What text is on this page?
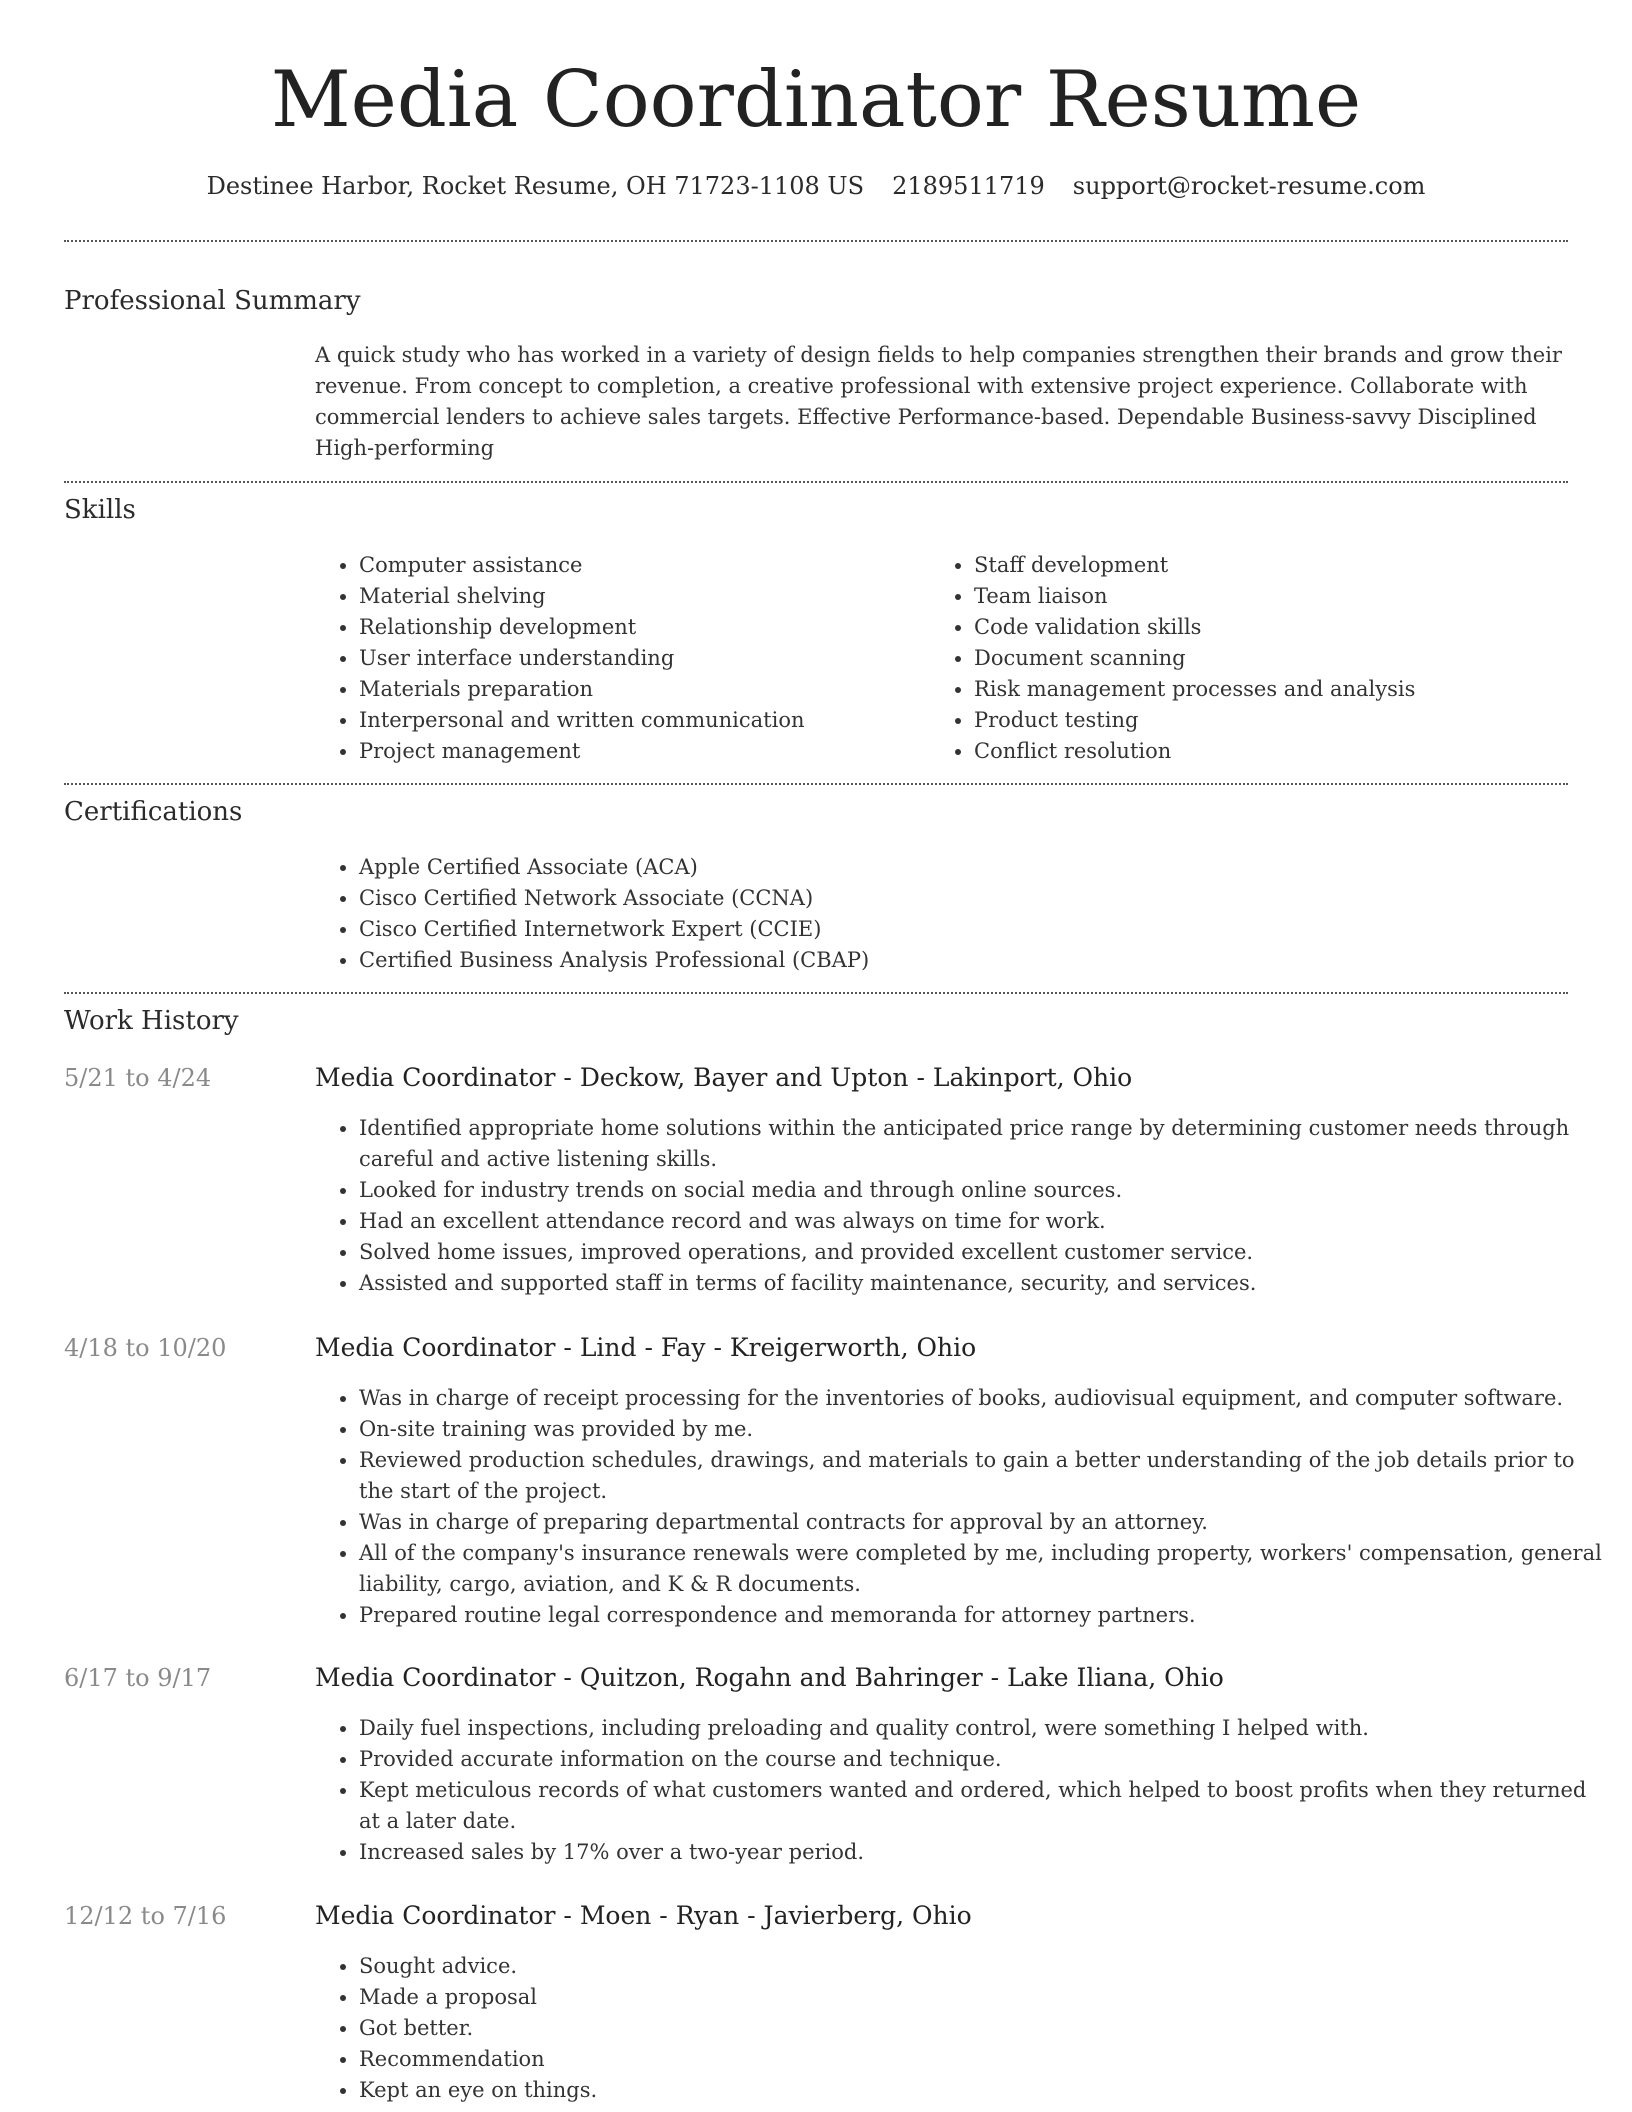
Media Coordinator Resume
Destinee Harbor, Rocket Resume, OH 71723-1108 US 2189511719 support@rocket-resume.com
Professional Summary
A quick study who has worked in a variety of design fields to help companies strengthen their brands and grow their revenue. From concept to completion, a creative professional with extensive project experience. Collaborate with commercial lenders to achieve sales targets. Effective Performance-based. Dependable Business-savvy Disciplined High-performing
Skills
• Computer assistance
• Material shelving
• Relationship development
• User interface understanding
• Materials preparation
• Interpersonal and written communication
• Project management
• Staff development
• Team liaison
• Code validation skills
• Document scanning
• Risk management processes and analysis
• Product testing
• Conflict resolution
Certifications
• Apple Certified Associate (ACA)
• Cisco Certified Network Associate (CCNA)
• Cisco Certified Internetwork Expert (CCIE)
• Certified Business Analysis Professional (CBAP)
Work History
5/21 to 4/24	Media Coordinator - Deckow, Bayer and Upton - Lakinport, Ohio
• Identified appropriate home solutions within the anticipated price range by determining customer needs through careful and active listening skills.
• Looked for industry trends on social media and through online sources.
• Had an excellent attendance record and was always on time for work.
• Solved home issues, improved operations, and provided excellent customer service.
• Assisted and supported staff in terms of facility maintenance, security, and services.
4/18 to 10/20	Media Coordinator - Lind - Fay - Kreigerworth, Ohio
• Was in charge of receipt processing for the inventories of books, audiovisual equipment, and computer software.
• On-site training was provided by me.
• Reviewed production schedules, drawings, and materials to gain a better understanding of the job details prior to the start of the project.
• Was in charge of preparing departmental contracts for approval by an attorney.
• All of the company's insurance renewals were completed by me, including property, workers' compensation, general liability, cargo, aviation, and K & R documents.
• Prepared routine legal correspondence and memoranda for attorney partners.
6/17 to 9/17	Media Coordinator - Quitzon, Rogahn and Bahringer - Lake Iliana, Ohio
• Daily fuel inspections, including preloading and quality control, were something I helped with.
• Provided accurate information on the course and technique.
• Kept meticulous records of what customers wanted and ordered, which helped to boost profits when they returned at a later date.
• Increased sales by 17% over a two-year period.
12/12 to 7/16	Media Coordinator - Moen - Ryan - Javierberg, Ohio
• Sought advice.
• Made a proposal
• Got better.
• Recommendation
• Kept an eye on things.
